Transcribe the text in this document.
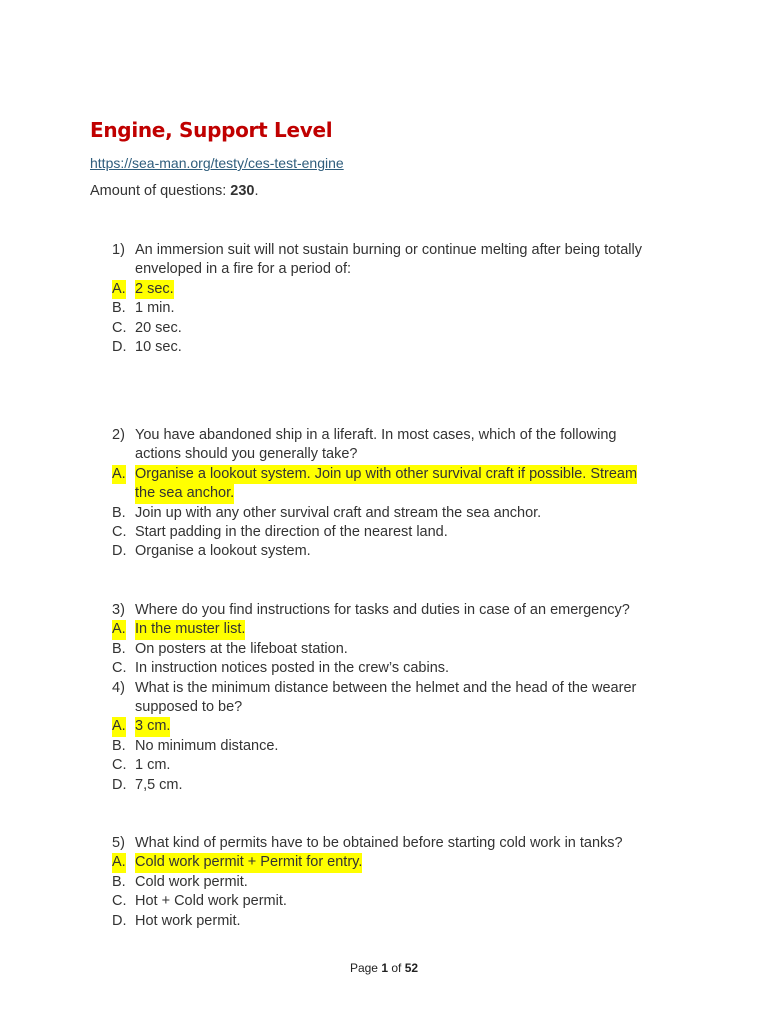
Engine, Support Level
https://sea-man.org/testy/ces-test-engine
Amount of questions: 230.
1) An immersion suit will not sustain burning or continue melting after being totally
enveloped in a fire for a period of:
A. 2 sec.
B. 1 min.
C. 20 sec.
D. 10 sec.
2) You have abandoned ship in a liferaft. In most cases, which of the following
actions should you generally take?
A. Organise a lookout system. Join up with other survival craft if possible. Stream
the sea anchor.
B. Join up with any other survival craft and stream the sea anchor.
C. Start padding in the direction of the nearest land.
D. Organise a lookout system.
3) Where do you find instructions for tasks and duties in case of an emergency?
A. In the muster list.
B. On posters at the lifeboat station.
C. In instruction notices posted in the crew’s cabins.
4) What is the minimum distance between the helmet and the head of the wearer
supposed to be?
A. 3 cm.
B. No minimum distance.
C. 1 cm.
D. 7,5 cm.
5) What kind of permits have to be obtained before starting cold work in tanks?
A. Cold work permit + Permit for entry.
B. Cold work permit.
C. Hot + Cold work permit.
D. Hot work permit.
Page 1 of 52
